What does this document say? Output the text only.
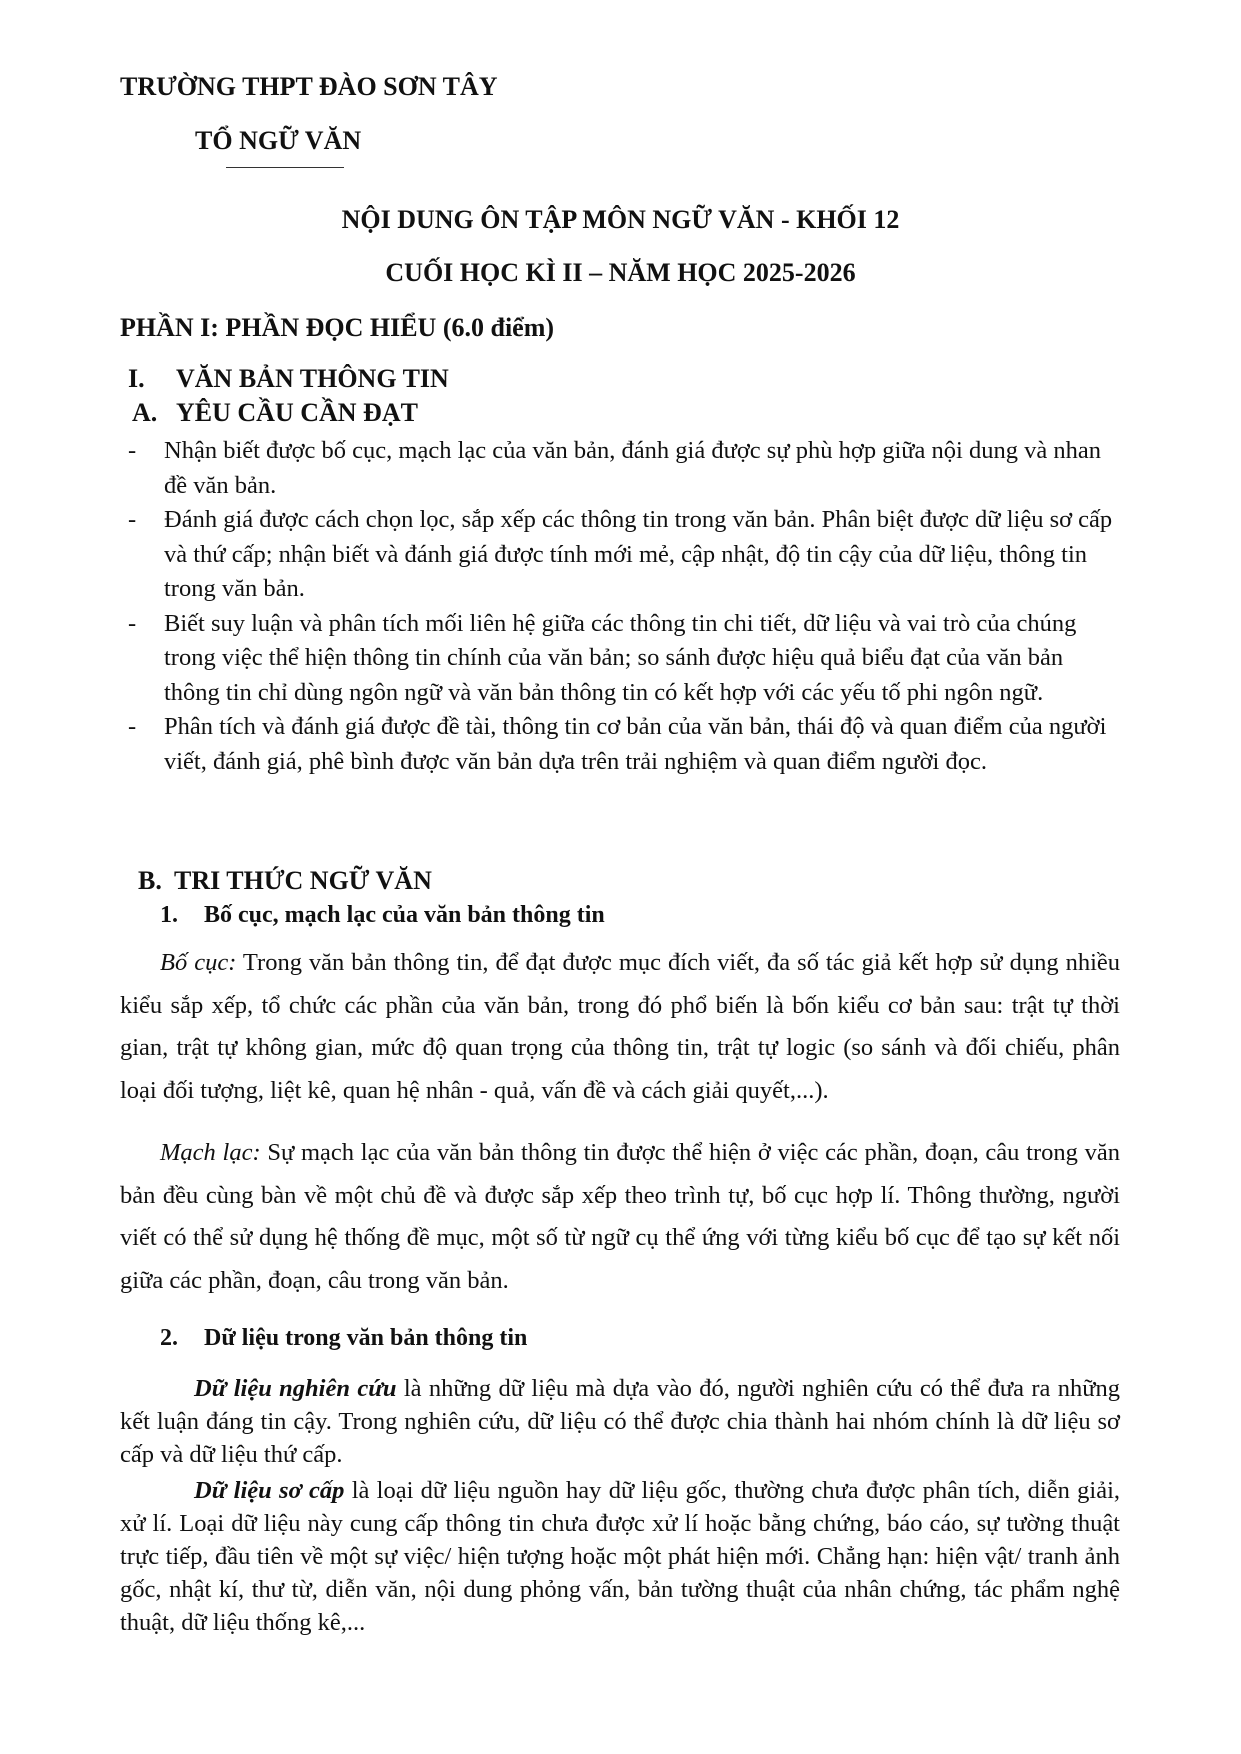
TRƯỜNG THPT ĐÀO SƠN TÂY
TỔ NGỮ VĂN
NỘI DUNG ÔN TẬP MÔN NGỮ VĂN - KHỐI 12
CUỐI HỌC KÌ II – NĂM HỌC 2025-2026
PHẦN I: PHẦN ĐỌC HIỂU (6.0 điểm)
I. VĂN BẢN THÔNG TIN
A. YÊU CẦU CẦN ĐẠT
- Nhận biết được bố cục, mạch lạc của văn bản, đánh giá được sự phù hợp giữa nội dung và nhan đề văn bản.
- Đánh giá được cách chọn lọc, sắp xếp các thông tin trong văn bản. Phân biệt được dữ liệu sơ cấp và thứ cấp; nhận biết và đánh giá được tính mới mẻ, cập nhật, độ tin cậy của dữ liệu, thông tin trong văn bản.
- Biết suy luận và phân tích mối liên hệ giữa các thông tin chi tiết, dữ liệu và vai trò của chúng trong việc thể hiện thông tin chính của văn bản; so sánh được hiệu quả biểu đạt của văn bản thông tin chỉ dùng ngôn ngữ và văn bản thông tin có kết hợp với các yếu tố phi ngôn ngữ.
- Phân tích và đánh giá được đề tài, thông tin cơ bản của văn bản, thái độ và quan điểm của người viết, đánh giá, phê bình được văn bản dựa trên trải nghiệm và quan điểm người đọc.
B. TRI THỨC NGỮ VĂN
1. Bố cục, mạch lạc của văn bản thông tin

Bố cục: Trong văn bản thông tin, để đạt được mục đích viết, đa số tác giả kết hợp sử dụng nhiều kiểu sắp xếp, tổ chức các phần của văn bản, trong đó phổ biến là bốn kiểu cơ bản sau: trật tự thời gian, trật tự không gian, mức độ quan trọng của thông tin, trật tự logic (so sánh và đối chiếu, phân loại đối tượng, liệt kê, quan hệ nhân - quả, vấn đề và cách giải quyết,...).

Mạch lạc: Sự mạch lạc của văn bản thông tin được thể hiện ở việc các phần, đoạn, câu trong văn bản đều cùng bàn về một chủ đề và được sắp xếp theo trình tự, bố cục hợp lí. Thông thường, người viết có thể sử dụng hệ thống đề mục, một số từ ngữ cụ thể ứng với từng kiểu bố cục để tạo sự kết nối giữa các phần, đoạn, câu trong văn bản.

2. Dữ liệu trong văn bản thông tin

Dữ liệu nghiên cứu là những dữ liệu mà dựa vào đó, người nghiên cứu có thể đưa ra những kết luận đáng tin cậy. Trong nghiên cứu, dữ liệu có thể được chia thành hai nhóm chính là dữ liệu sơ cấp và dữ liệu thứ cấp.

Dữ liệu sơ cấp là loại dữ liệu nguồn hay dữ liệu gốc, thường chưa được phân tích, diễn giải, xử lí. Loại dữ liệu này cung cấp thông tin chưa được xử lí hoặc bằng chứng, báo cáo, sự tường thuật trực tiếp, đầu tiên về một sự việc/ hiện tượng hoặc một phát hiện mới. Chẳng hạn: hiện vật/ tranh ảnh gốc, nhật kí, thư từ, diễn văn, nội dung phỏng vấn, bản tường thuật của nhân chứng, tác phẩm nghệ thuật, dữ liệu thống kê,...
